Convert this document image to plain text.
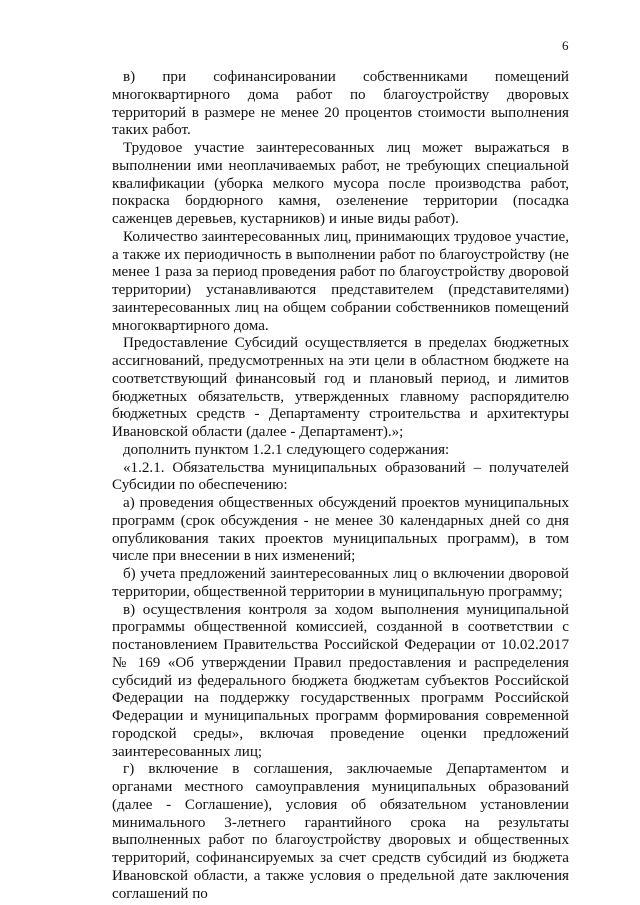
6

в) при софинансировании собственниками помещений многоквартирного дома работ по благоустройству дворовых территорий в размере не менее 20 процентов стоимости выполнения таких работ.

Трудовое участие заинтересованных лиц может выражаться в выполнении ими неоплачиваемых работ, не требующих специальной квалификации (уборка мелкого мусора после производства работ, покраска бордюрного камня, озеленение территории (посадка саженцев деревьев, кустарников) и иные виды работ).

Количество заинтересованных лиц, принимающих трудовое участие, а также их периодичность в выполнении работ по благоустройству (не менее 1 раза за период проведения работ по благоустройству дворовой территории) устанавливаются представителем (представителями) заинтересованных лиц на общем собрании собственников помещений многоквартирного дома.

Предоставление Субсидий осуществляется в пределах бюджетных ассигнований, предусмотренных на эти цели в областном бюджете на соответствующий финансовый год и плановый период, и лимитов бюджетных обязательств, утвержденных главному распорядителю бюджетных средств - Департаменту строительства и архитектуры Ивановской области (далее - Департамент).»;

дополнить пунктом 1.2.1 следующего содержания:

«1.2.1. Обязательства муниципальных образований – получателей Субсидии по обеспечению:

а) проведения общественных обсуждений проектов муниципальных программ (срок обсуждения - не менее 30 календарных дней со дня опубликования таких проектов муниципальных программ), в том числе при внесении в них изменений;

б) учета предложений заинтересованных лиц о включении дворовой территории, общественной территории в муниципальную программу;

в) осуществления контроля за ходом выполнения муниципальной программы общественной комиссией, созданной в соответствии с постановлением Правительства Российской Федерации от 10.02.2017 № 169 «Об утверждении Правил предоставления и распределения субсидий из федерального бюджета бюджетам субъектов Российской Федерации на поддержку государственных программ Российской Федерации и муниципальных программ формирования современной городской среды», включая проведение оценки предложений заинтересованных лиц;

г) включение в соглашения, заключаемые Департаментом и органами местного самоуправления муниципальных образований (далее - Соглашение), условия об обязательном установлении минимального 3-летнего гарантийного срока на результаты выполненных работ по благоустройству дворовых и общественных территорий, софинансируемых за счет средств субсидий из бюджета Ивановской области, а также условия о предельной дате заключения соглашений по
